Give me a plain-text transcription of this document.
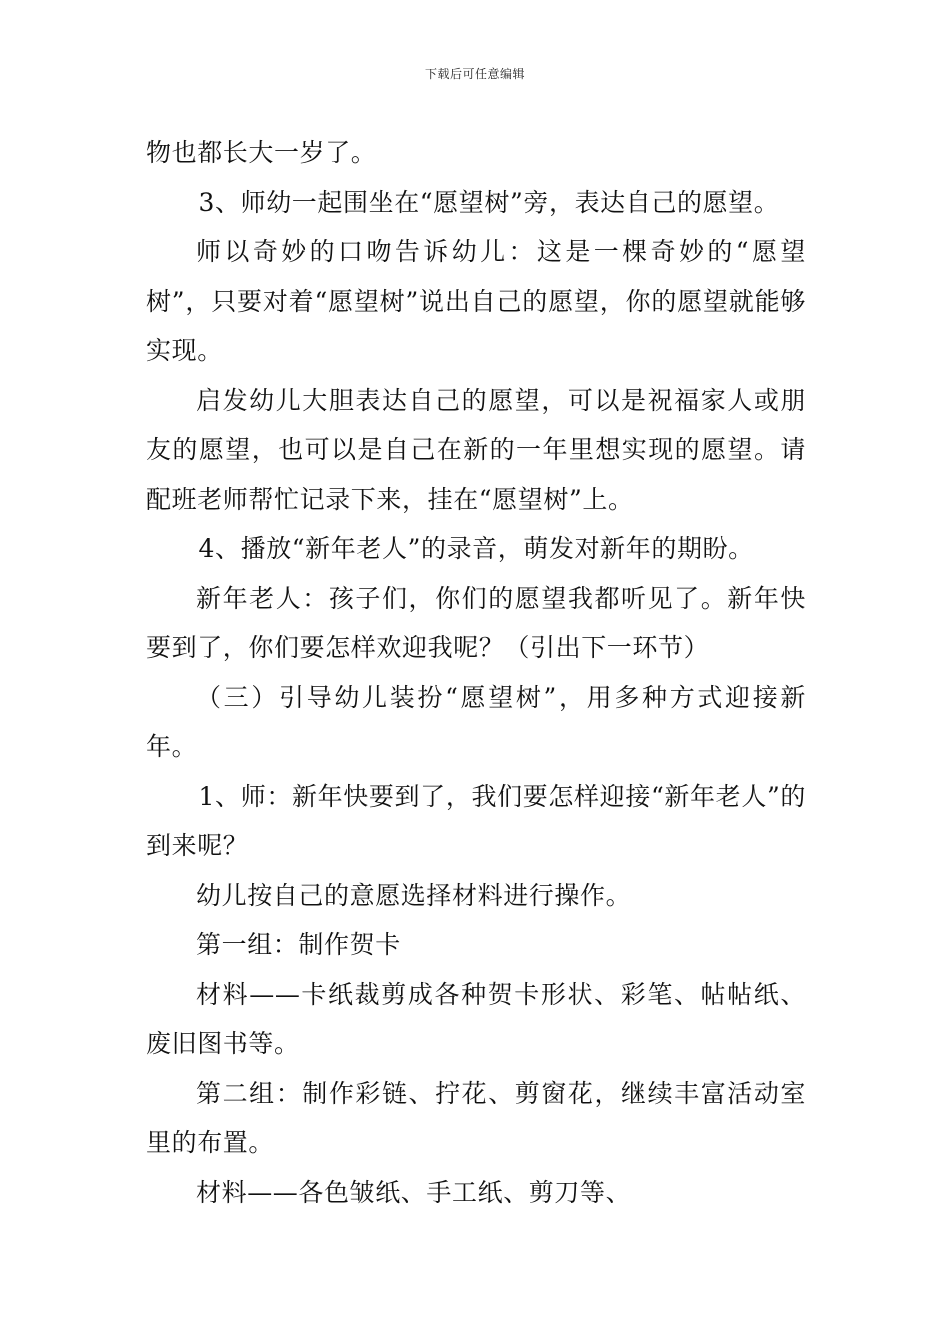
下载后可任意编辑

物也都长大一岁了。

3、师幼一起围坐在“愿望树”旁，表达自己的愿望。

师以奇妙的口吻告诉幼儿：这是一棵奇妙的“愿望树”，只要对着“愿望树”说出自己的愿望，你的愿望就能够实现。

启发幼儿大胆表达自己的愿望，可以是祝福家人或朋友的愿望，也可以是自己在新的一年里想实现的愿望。请配班老师帮忙记录下来，挂在“愿望树”上。

4、播放“新年老人”的录音，萌发对新年的期盼。

新年老人：孩子们，你们的愿望我都听见了。新年快要到了，你们要怎样欢迎我呢？（引出下一环节）

（三）引导幼儿装扮“愿望树”，用多种方式迎接新年。

1、师：新年快要到了，我们要怎样迎接“新年老人”的到来呢？

幼儿按自己的意愿选择材料进行操作。

第一组：制作贺卡

材料——卡纸裁剪成各种贺卡形状、彩笔、帖帖纸、废旧图书等。

第二组：制作彩链、拧花、剪窗花，继续丰富活动室里的布置。

材料——各色皱纸、手工纸、剪刀等、
